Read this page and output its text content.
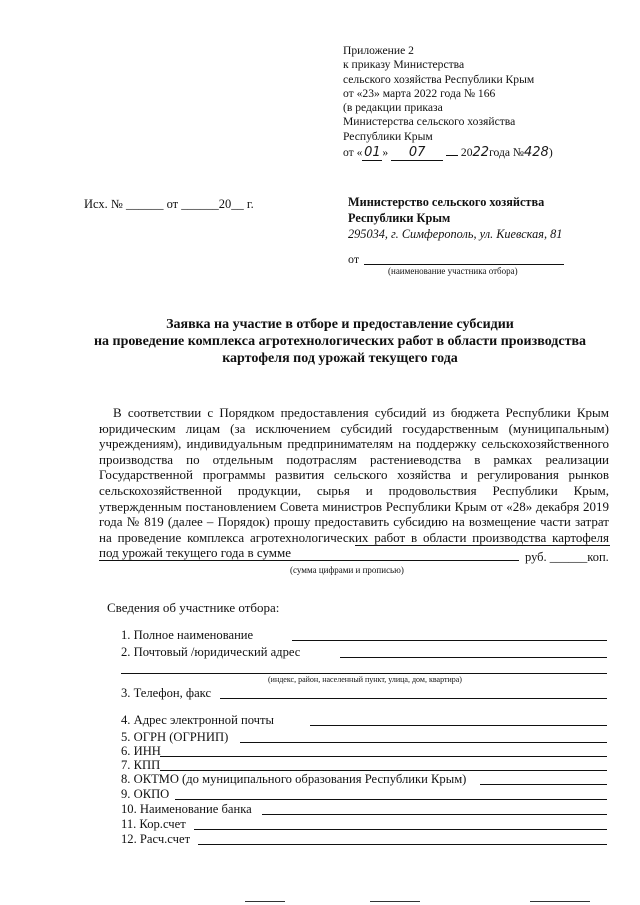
Приложение 2
к приказу Министерства
сельского хозяйства Республики Крым
от «23» марта 2022 года № 166
(в редакции приказа
Министерства сельского хозяйства
Республики Крым
от « 01 » 07	2022года №428)
Исх. № ______ от ______20__ г.	Министерство сельского хозяйства
Республики Крым
295034, г. Симферополь, ул. Киевская, 81
от
(наименование участника отбора)
Заявка на участие в отборе и предоставление субсидии
на проведение комплекса агротехнологических работ в области производства
картофеля под урожай текущего года

В соответствии с Порядком предоставления субсидий из бюджета Республики Крым юридическим лицам (за исключением субсидий государственным (муниципальным) учреждениям), индивидуальным предпринимателям на поддержку сельскохозяйственного производства по отдельным подотраслям растениеводства в рамках реализации Государственной программы развития сельского хозяйства и регулирования рынков сельскохозяйственной продукции, сырья и продовольствия Республики Крым, утвержденным постановлением Совета министров Республики Крым от «28» декабря 2019 года № 819 (далее – Порядок) прошу предоставить субсидию на возмещение части затрат на проведение комплекса агротехнологических работ в области производства картофеля под урожай текущего года в сумме	руб. ______коп.
(сумма цифрами и прописью)
Сведения об участнике отбора:
1. Полное наименование
2. Почтовый /юридический адрес
(индекс, район, населенный пункт, улица, дом, квартира)
3. Телефон, факс
4. Адрес электронной почты
5. ОГРН (ОГРНИП)
6. ИНН
7. КПП
8. ОКТМО (до муниципального образования Республики Крым)
9. ОКПО
10. Наименование банка
11. Кор.счет
12. Расч.счет
